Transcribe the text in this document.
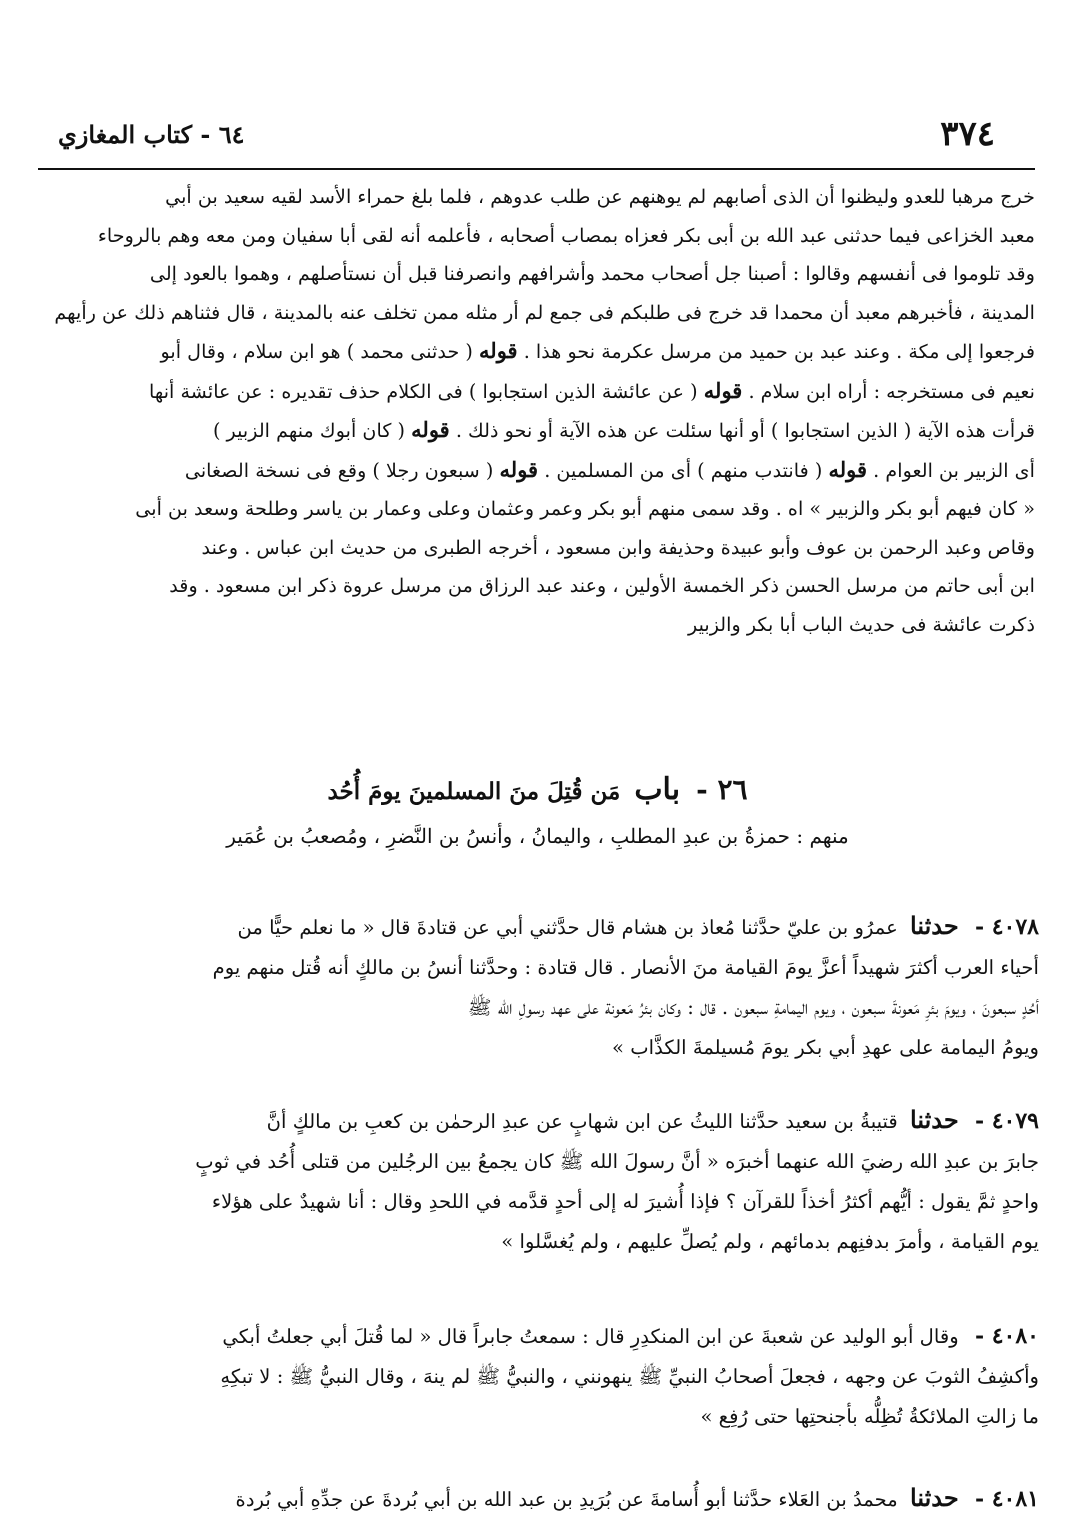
٣٧٤
٦٤ - كتاب المغازي

خرج مرهبا للعدو وليظنوا أن الذى أصابهم لم يوهنهم عن طلب عدوهم ، فلما بلغ حمراء الأسد لقيه سعيد بن أبي

معبد الخزاعى فيما حدثنى عبد الله بن أبى بكر فعزاه بمصاب أصحابه ، فأعلمه أنه لقى أبا سفيان ومن معه وهم بالروحاء

وقد تلوموا فى أنفسهم وقالوا : أصبنا جل أصحاب محمد وأشرافهم وانصرفنا قبل أن نستأصلهم ، وهموا بالعود إلى

المدينة ، فأخبرهم معبد أن محمدا قد خرج فى طلبكم فى جمع لم أر مثله ممن تخلف عنه بالمدينة ، قال فثناهم ذلك عن رأيهم

فرجعوا إلى مكة . وعند عبد بن حميد من مرسل عكرمة نحو هذا . قوله ( حدثنى محمد ) هو ابن سلام ، وقال أبو

نعيم فى مستخرجه : أراه ابن سلام . قوله ( عن عائشة الذين استجابوا ) فى الكلام حذف تقديره : عن عائشة أنها

قرأت هذه الآية ( الذين استجابوا ) أو أنها سئلت عن هذه الآية أو نحو ذلك . قوله ( كان أبوك منهم الزبير )

أى الزبير بن العوام . قوله ( فانتدب منهم ) أى من المسلمين . قوله ( سبعون رجلا ) وقع فى نسخة الصغانى

« كان فيهم أبو بكر والزبير » اه . وقد سمى منهم أبو بكر وعمر وعثمان وعلى وعمار بن ياسر وطلحة وسعد بن أبى

وقاص وعبد الرحمن بن عوف وأبو عبيدة وحذيفة وابن مسعود ، أخرجه الطبرى من حديث ابن عباس . وعند

ابن أبى حاتم من مرسل الحسن ذكر الخمسة الأولين ، وعند عبد الرزاق من مرسل عروة ذكر ابن مسعود . وقد

ذكرت عائشة فى حديث الباب أبا بكر والزبير

٢٦ - باب مَن قُتِلَ منَ المسلمينَ يومَ أُحُد
منهم : حمزةُ بن عبدِ المطلبِ ، واليمانُ ، وأنسُ بن النَّضرِ ، ومُصعبُ بن عُمَير

٤٠٧٨ - حدثنا عمرُو بن عليّ حدَّثنا مُعاذ بن هشام قال حدَّثني أبي عن قتادةَ قال « ما نعلم حيًّا من

أحياء العرب أكثرَ شهيداً أعزَّ يومَ القيامة منَ الأنصار . قال قتادة : وحدَّثنا أنسُ بن مالكٍ أنه قُتل منهم يوم

أحُدٍ سبعونَ ، ويومَ بئرِ مَعونةَ سبعون ، ويوم اليمامةِ سبعون . قال : وكان بئرُ مَعونة على عهد رسولِ الله ﷺ

ويومُ اليمامة على عهدِ أبي بكر يومَ مُسيلمةَ الكذَّاب »

٤٠٧٩ - حدثنا قتيبةُ بن سعيد حدَّثنا الليثُ عن ابن شهابٍ عن عبدِ الرحمٰن بن كعبِ بن مالكٍ أنَّ

جابرَ بن عبدِ الله رضيَ الله عنهما أخبرَه « أنَّ رسولَ الله ﷺ كان يجمعُ بين الرجُلين من قتلى أُحُد في ثوبٍ

واحدٍ ثمَّ يقول : أيُّهم أكثرُ أخذاً للقرآن ؟ فإذا أُشيرَ له إلى أحدٍ قدَّمه في اللحدِ وقال : أنا شهيدٌ على هؤلاء

يوم القيامة ، وأمرَ بدفنِهم بدمائهم ، ولم يُصلِّ عليهم ، ولم يُغسَّلوا »

٤٠٨٠ - وقال أبو الوليد عن شعبةَ عن ابن المنكدِرِ قال : سمعتُ جابراً قال « لما قُتلَ أبي جعلتُ أبكي

وأكشِفُ الثوبَ عن وجهه ، فجعلَ أصحابُ النبيِّ ﷺ ينهونني ، والنبيُّ ﷺ لم ينهَ ، وقال النبيُّ ﷺ : لا تبكِهِ

ما زالتِ الملائكةُ تُظِلُّه بأجنحتِها حتى رُفِع »

٤٠٨١ - حدثنا محمدُ بن العَلاء حدَّثنا أبو أُسامةَ عن بُرَيدِ بن عبد الله بن أبي بُردةَ عن جدِّهِ أبي بُردة
